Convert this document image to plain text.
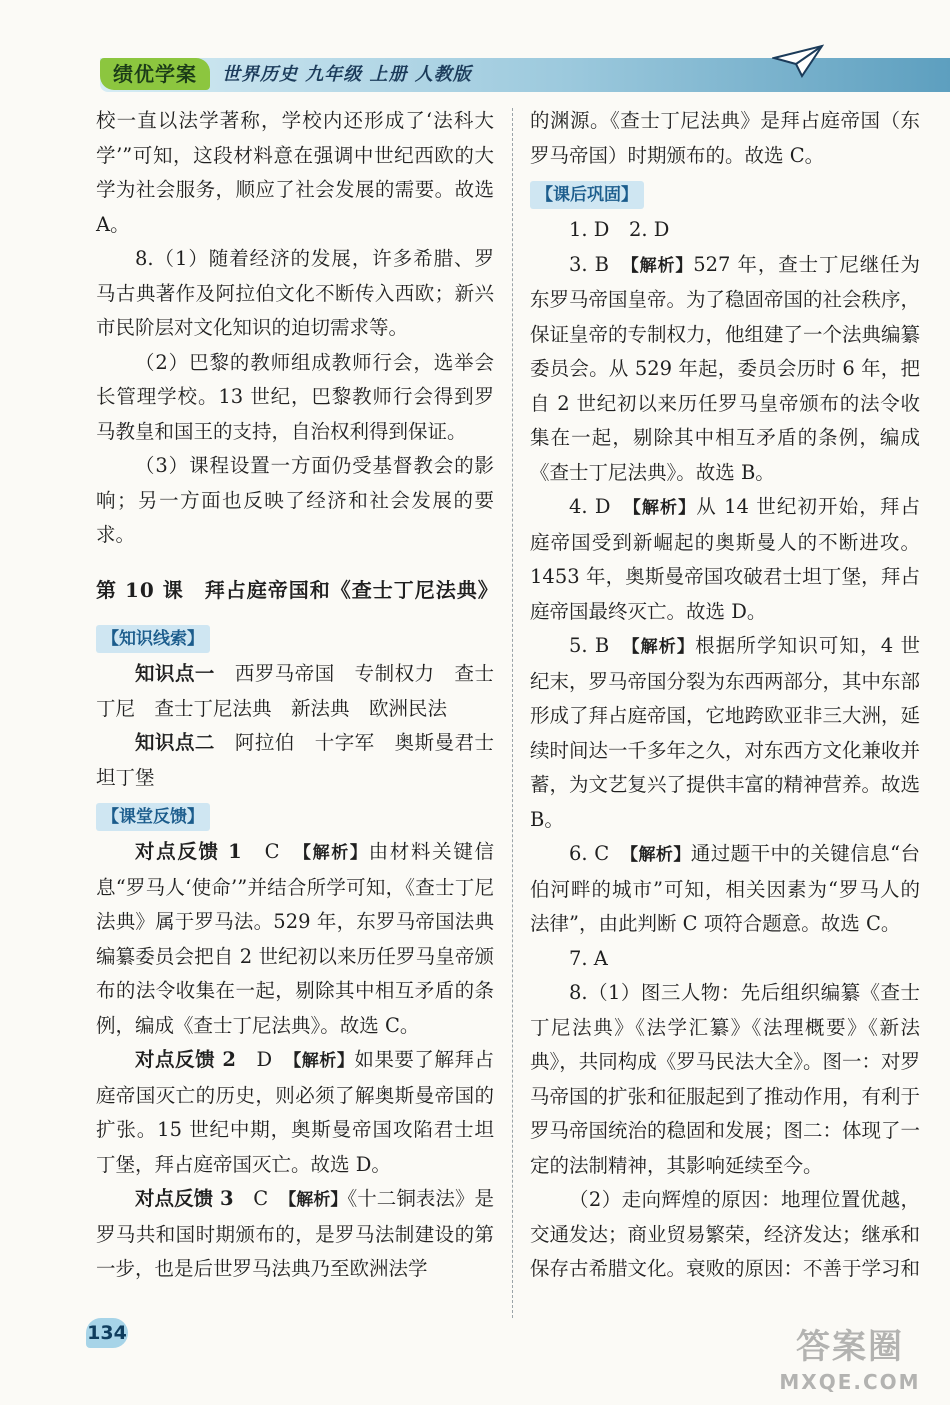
绩优学案	世界历史 九年级 上册 人教版

校一直以法学著称，学校内还形成了‘法科大学’”可知，这段材料意在强调中世纪西欧的大学为社会服务，顺应了社会发展的需要。故选 A。

8.（1）随着经济的发展，许多希腊、罗马古典著作及阿拉伯文化不断传入西欧；新兴市民阶层对文化知识的迫切需求等。

（2）巴黎的教师组成教师行会，选举会长管理学校。13 世纪，巴黎教师行会得到罗马教皇和国王的支持，自治权利得到保证。

（3）课程设置一方面仍受基督教会的影响；另一方面也反映了经济和社会发展的要求。

第 10 课　拜占庭帝国和《查士丁尼法典》
【知识线索】

知识点一　西罗马帝国　专制权力　查士丁尼　查士丁尼法典　新法典　欧洲民法

知识点二　阿拉伯　十字军　奥斯曼君士坦丁堡

【课堂反馈】

对点反馈 1　C　【解析】由材料关键信息“罗马人‘使命’”并结合所学可知，《查士丁尼法典》属于罗马法。529 年，东罗马帝国法典编纂委员会把自 2 世纪初以来历任罗马皇帝颁布的法令收集在一起，剔除其中相互矛盾的条例，编成《查士丁尼法典》。故选 C。

对点反馈 2　D　【解析】如果要了解拜占庭帝国灭亡的历史，则必须了解奥斯曼帝国的扩张。15 世纪中期，奥斯曼帝国攻陷君士坦丁堡，拜占庭帝国灭亡。故选 D。

对点反馈 3　C　【解析】《十二铜表法》是罗马共和国时期颁布的，是罗马法制建设的第一步，也是后世罗马法典乃至欧洲法学

的渊源。《查士丁尼法典》是拜占庭帝国（东罗马帝国）时期颁布的。故选 C。

【课后巩固】

1. D　2. D

3. B　【解析】527 年，查士丁尼继任为东罗马帝国皇帝。为了稳固帝国的社会秩序，保证皇帝的专制权力，他组建了一个法典编纂委员会。从 529 年起，委员会历时 6 年，把自 2 世纪初以来历任罗马皇帝颁布的法令收集在一起，剔除其中相互矛盾的条例，编成《查士丁尼法典》。故选 B。

4. D　【解析】从 14 世纪初开始，拜占庭帝国受到新崛起的奥斯曼人的不断进攻。1453 年，奥斯曼帝国攻破君士坦丁堡，拜占庭帝国最终灭亡。故选 D。

5. B　【解析】根据所学知识可知，4 世纪末，罗马帝国分裂为东西两部分，其中东部形成了拜占庭帝国，它地跨欧亚非三大洲，延续时间达一千多年之久，对东西方文化兼收并蓄，为文艺复兴了提供丰富的精神营养。故选 B。

6. C　【解析】通过题干中的关键信息“台伯河畔的城市”可知，相关因素为“罗马人的法律”，由此判断 C 项符合题意。故选 C。

7. A

8.（1）图三人物：先后组织编纂《查士丁尼法典》《法学汇纂》《法理概要》《新法典》，共同构成《罗马民法大全》。图一：对罗马帝国的扩张和征服起到了推动作用，有利于罗马帝国统治的稳固和发展；图二：体现了一定的法制精神，其影响延续至今。

（2）走向辉煌的原因：地理位置优越，交通发达；商业贸易繁荣，经济发达；继承和保存古希腊文化。衰败的原因：不善于学习和

134	答案圈
MXQE.COM
